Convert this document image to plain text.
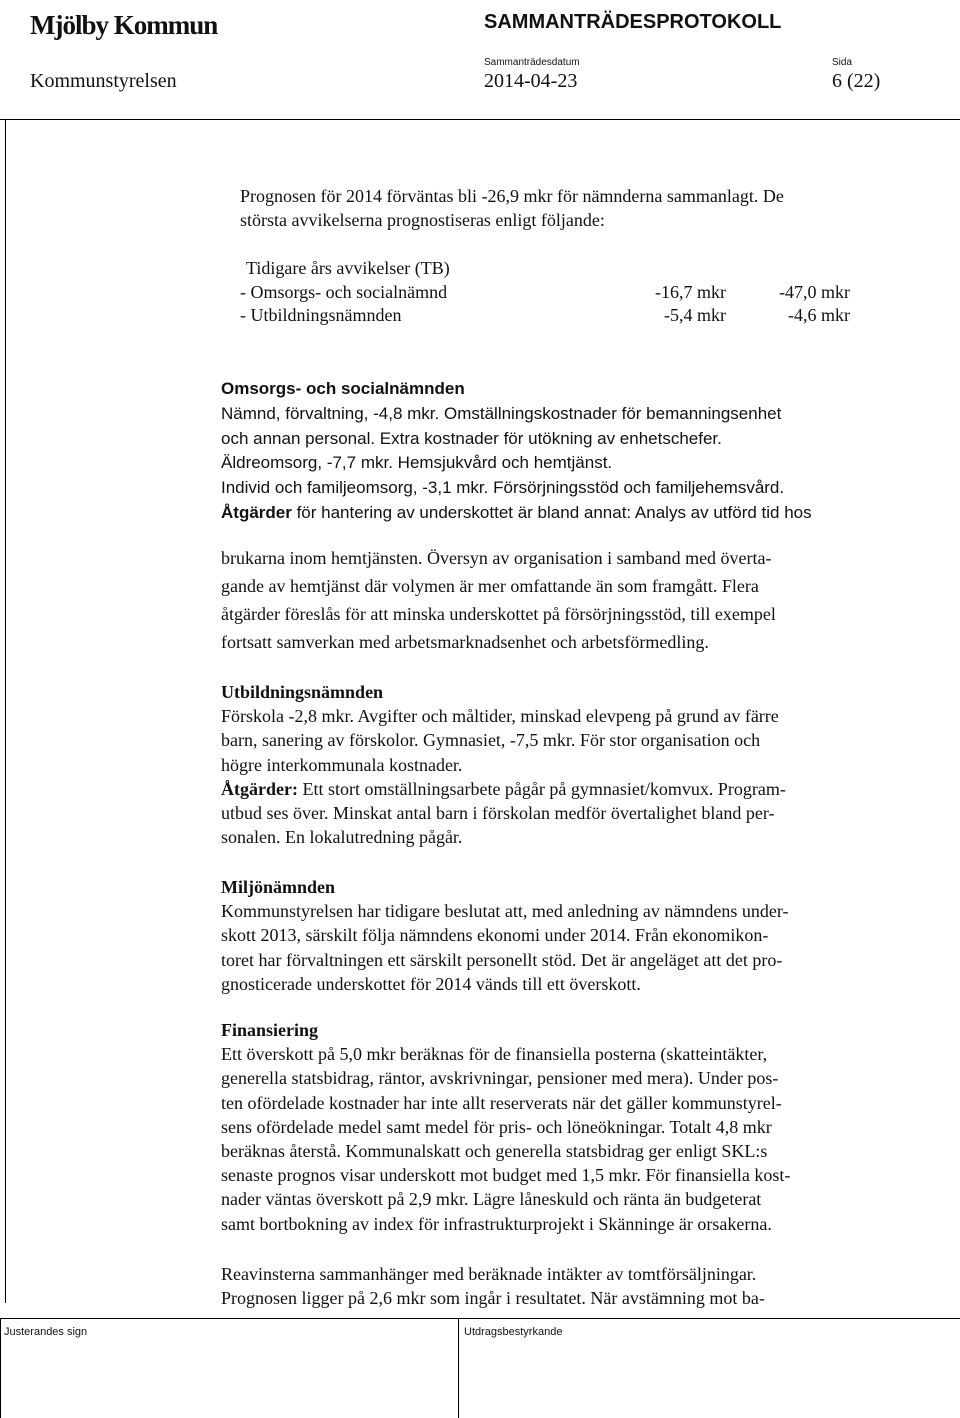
Mjölby Kommun	SAMMANTRÄDESPROTOKOLL
Sammanträdesdatum	Sida
Kommunstyrelsen	2014-04-23	6 (22)

Prognosen för 2014 förväntas bli -26,9 mkr för nämnderna sammanlagt. De

största avvikelserna prognostiseras enligt följande:

Tidigare års avvikelser (TB)
- Omsorgs- och socialnämnd	-16,7 mkr	-47,0 mkr
- Utbildningsnämnden	-5,4 mkr	-4,6 mkr

Omsorgs- och socialnämnden

Nämnd, förvaltning, -4,8 mkr. Omställningskostnader för bemanningsenhet

och annan personal. Extra kostnader för utökning av enhetschefer.

Äldreomsorg, -7,7 mkr. Hemsjukvård och hemtjänst.

Individ och familjeomsorg, -3,1 mkr. Försörjningsstöd och familjehemsvård.

Åtgärder för hantering av underskottet är bland annat: Analys av utförd tid hos

brukarna inom hemtjänsten. Översyn av organisation i samband med överta-

gande av hemtjänst där volymen är mer omfattande än som framgått. Flera

åtgärder föreslås för att minska underskottet på försörjningsstöd, till exempel

fortsatt samverkan med arbetsmarknadsenhet och arbetsförmedling.

Utbildningsnämnden

Förskola -2,8 mkr. Avgifter och måltider, minskad elevpeng på grund av färre

barn, sanering av förskolor. Gymnasiet, -7,5 mkr. För stor organisation och

högre interkommunala kostnader.

Åtgärder: Ett stort omställningsarbete pågår på gymnasiet/komvux. Program-

utbud ses över. Minskat antal barn i förskolan medför övertalighet bland per-

sonalen. En lokalutredning pågår.

Miljönämnden

Kommunstyrelsen har tidigare beslutat att, med anledning av nämndens under-

skott 2013, särskilt följa nämndens ekonomi under 2014. Från ekonomikon-

toret har förvaltningen ett särskilt personellt stöd. Det är angeläget att det pro-

gnosticerade underskottet för 2014 vänds till ett överskott.

Finansiering

Ett överskott på 5,0 mkr beräknas för de finansiella posterna (skatteintäkter,

generella statsbidrag, räntor, avskrivningar, pensioner med mera). Under pos-

ten ofördelade kostnader har inte allt reserverats när det gäller kommunstyrel-

sens ofördelade medel samt medel för pris- och löneökningar. Totalt 4,8 mkr

beräknas återstå. Kommunalskatt och generella statsbidrag ger enligt SKL:s

senaste prognos visar underskott mot budget med 1,5 mkr. För finansiella kost-

nader väntas överskott på 2,9 mkr. Lägre låneskuld och ränta än budgeterat

samt bortbokning av index för infrastrukturprojekt i Skänninge är orsakerna.

Reavinsterna sammanhänger med beräknade intäkter av tomtförsäljningar.

Prognosen ligger på 2,6 mkr som ingår i resultatet. När avstämning mot ba-

Justerandes sign	Utdragsbestyrkande
